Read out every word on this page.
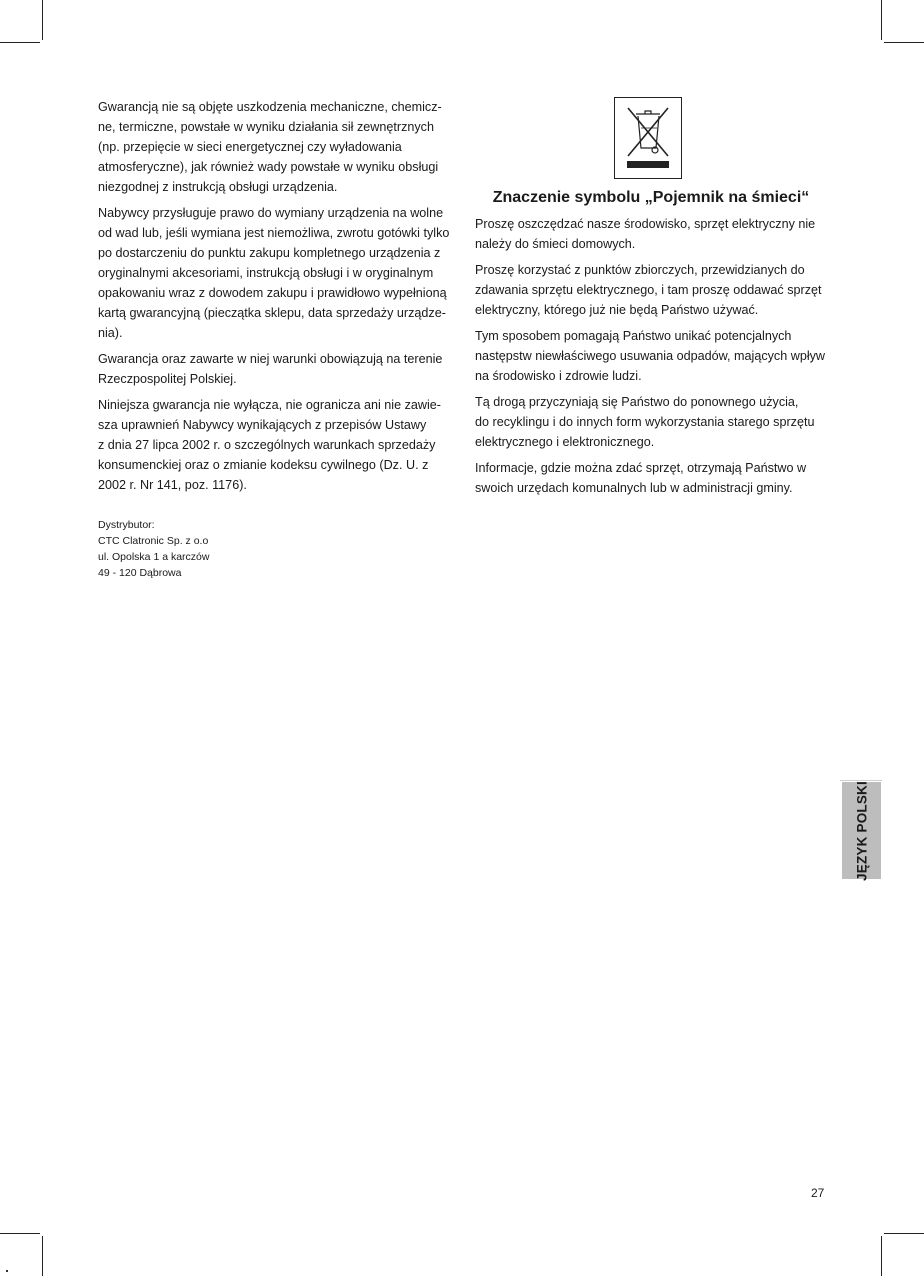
Gwarancją nie są objęte uszkodzenia mechaniczne, chemicz-
ne, termiczne, powstałe w wyniku działania sił zewnętrznych
(np. przepięcie w sieci energetycznej czy wyładowania
atmosferyczne), jak również wady powstałe w wyniku obsługi
niezgodnej z instrukcją obsługi urządzenia.

Nabywcy przysługuje prawo do wymiany urządzenia na wolne
od wad lub, jeśli wymiana jest niemożliwa, zwrotu gotówki tylko
po dostarczeniu do punktu zakupu kompletnego urządzenia z
oryginalnymi akcesoriami, instrukcją obsługi i w oryginalnym
opakowaniu wraz z dowodem zakupu i prawidłowo wypełnioną
kartą gwarancyjną (pieczątka sklepu, data sprzedaży urządze-
nia).

Gwarancja oraz zawarte w niej warunki obowiązują na terenie
Rzeczpospolitej Polskiej.

Niniejsza gwarancja nie wyłącza, nie ogranicza ani nie zawie-
sza uprawnień Nabywcy wynikających z przepisów Ustawy
z dnia 27 lipca 2002 r. o szczególnych warunkach sprzedaży
konsumenckiej oraz o zmianie kodeksu cywilnego (Dz. U. z
2002 r. Nr 141, poz. 1176).

Dystrybutor:
CTC Clatronic Sp. z o.o
ul. Opolska 1 a karczów
49 - 120 Dąbrowa
Znaczenie symbolu „Pojemnik na śmieci“

Proszę oszczędzać nasze środowisko, sprzęt elektryczny nie
należy do śmieci domowych.

Proszę korzystać z punktów zbiorczych, przewidzianych do
zdawania sprzętu elektrycznego, i tam proszę oddawać sprzęt
elektryczny, którego już nie będą Państwo używać.

Tym sposobem pomagają Państwo unikać potencjalnych
następstw niewłaściwego usuwania odpadów, mających wpływ
na środowisko i zdrowie ludzi.

Tą drogą przyczyniają się Państwo do ponownego użycia,
do recyklingu i do innych form wykorzystania starego sprzętu
elektrycznego i elektronicznego.

Informacje, gdzie można zdać sprzęt, otrzymają Państwo w
swoich urzędach komunalnych lub w administracji gminy.

JĘZYK POLSKI
27
